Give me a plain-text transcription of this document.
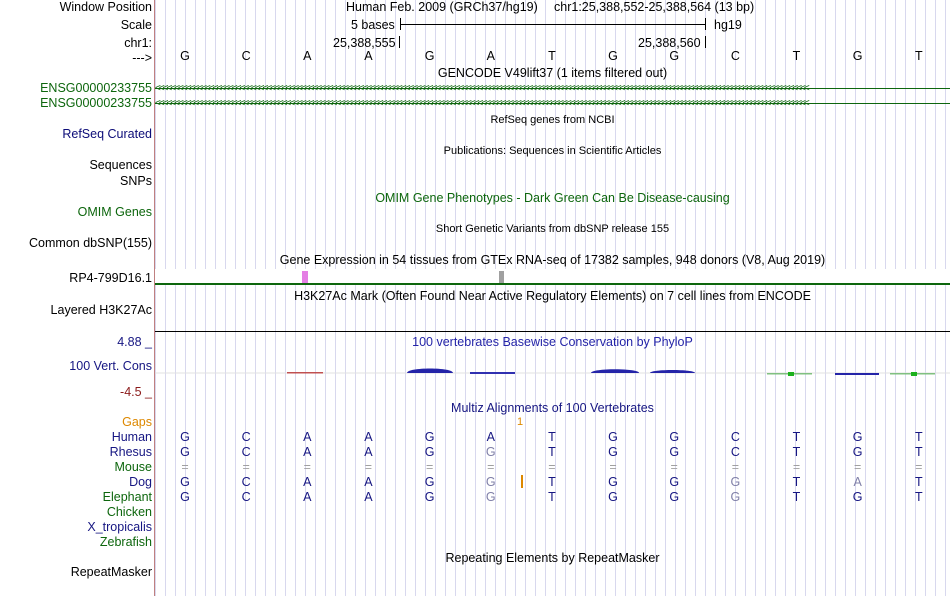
Window Position	Human Feb. 2009 (GRCh37/hg19) chr1:25,388,552-25,388,564 (13 bp)
Scale	5 bases	hg19
chr1:	25,388,555	25,388,560
--->	G	C	A	A	G	A	T	G	G	C	T	G	T
GENCODE V49lift37 (1 items filtered out)
ENSG00000233755 <<<<<<<<<<<<<<<<<<<<<<<<<<<<<<<<<<<<<<<<<<<<<<<<<<<<<<<<<<<<<<<<<<<<<<<<<<<<<<<<<<<<<<<<<<<<<<<<<<<<<<<<<<<<<<<<<<<<<<<<<<<<<<<<<<<<<<<<<<<<<<<<<<<<<<<<<<<<<<<<<<<<<<<<<<
ENSG00000233755 <<<<<<<<<<<<<<<<<<<<<<<<<<<<<<<<<<<<<<<<<<<<<<<<<<<<<<<<<<<<<<<<<<<<<<<<<<<<<<<<<<<<<<<<<<<<<<<<<<<<<<<<<<<<<<<<<<<<<<<<<<<<<<<<<<<<<<<<<<<<<<<<<<<<<<<<<<<<<<<<<<<<<<<<<<
RefSeq genes from NCBI
RefSeq Curated
Publications: Sequences in Scientific Articles
Sequences
SNPs
OMIM Gene Phenotypes - Dark Green Can Be Disease-causing
OMIM Genes
Short Genetic Variants from dbSNP release 155
Common dbSNP(155)
Gene Expression in 54 tissues from GTEx RNA-seq of 17382 samples, 948 donors (V8, Aug 2019)
RP4-799D16.1
H3K27Ac Mark (Often Found Near Active Regulatory Elements) on 7 cell lines from ENCODE
Layered H3K27Ac
100 vertebrates Basewise Conservation by PhyloP
4.88 _
100 Vert. Cons
-4.5 _
Multiz Alignments of 100 Vertebrates
Gaps	1
Human	G	C	A	A	G	A	T	G	G	C	T	G	T
Rhesus	G	C	A	A	G	G	T	G	G	C	T	G	T
Mouse	=	=	=	=	=	=	=	=	=	=	=	=	=
Dog	G	C	A	A	G	G	T	G	G	G	T	A	T
Elephant	G	C	A	A	G	G	T	G	G	G	T	G	T
Chicken
X_tropicalis
Zebrafish
Repeating Elements by RepeatMasker
RepeatMasker
